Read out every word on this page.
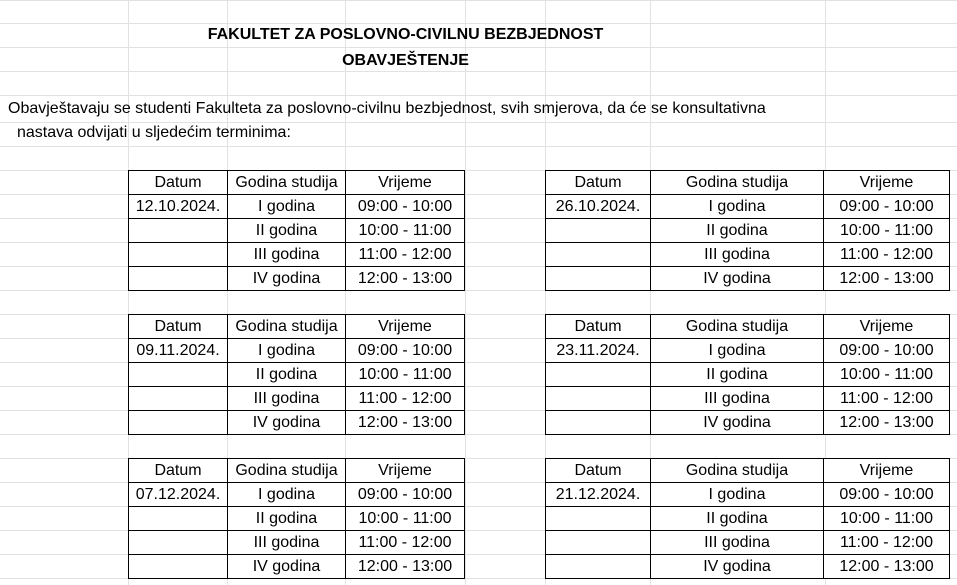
FAKULTET ZA POSLOVNO-CIVILNU BEZBJEDNOST
OBAVJEŠTENJE
Obavještavaju se studenti Fakulteta za poslovno-civilnu bezbjednost, svih smjerova, da će se konsultativna
nastava odvijati u sljedećim terminima:
Datum	Godina studija	Vrijeme
12.10.2024.	I godina	09:00 - 10:00
	II godina	10:00 - 11:00
	III godina	11:00 - 12:00
	IV godina	12:00 - 13:00
Datum	Godina studija	Vrijeme
26.10.2024.	I godina	09:00 - 10:00
	II godina	10:00 - 11:00
	III godina	11:00 - 12:00
	IV godina	12:00 - 13:00
Datum	Godina studija	Vrijeme
09.11.2024.	I godina	09:00 - 10:00
	II godina	10:00 - 11:00
	III godina	11:00 - 12:00
	IV godina	12:00 - 13:00
Datum	Godina studija	Vrijeme
23.11.2024.	I godina	09:00 - 10:00
	II godina	10:00 - 11:00
	III godina	11:00 - 12:00
	IV godina	12:00 - 13:00
Datum	Godina studija	Vrijeme
07.12.2024.	I godina	09:00 - 10:00
	II godina	10:00 - 11:00
	III godina	11:00 - 12:00
	IV godina	12:00 - 13:00
Datum	Godina studija	Vrijeme
21.12.2024.	I godina	09:00 - 10:00
	II godina	10:00 - 11:00
	III godina	11:00 - 12:00
	IV godina	12:00 - 13:00
